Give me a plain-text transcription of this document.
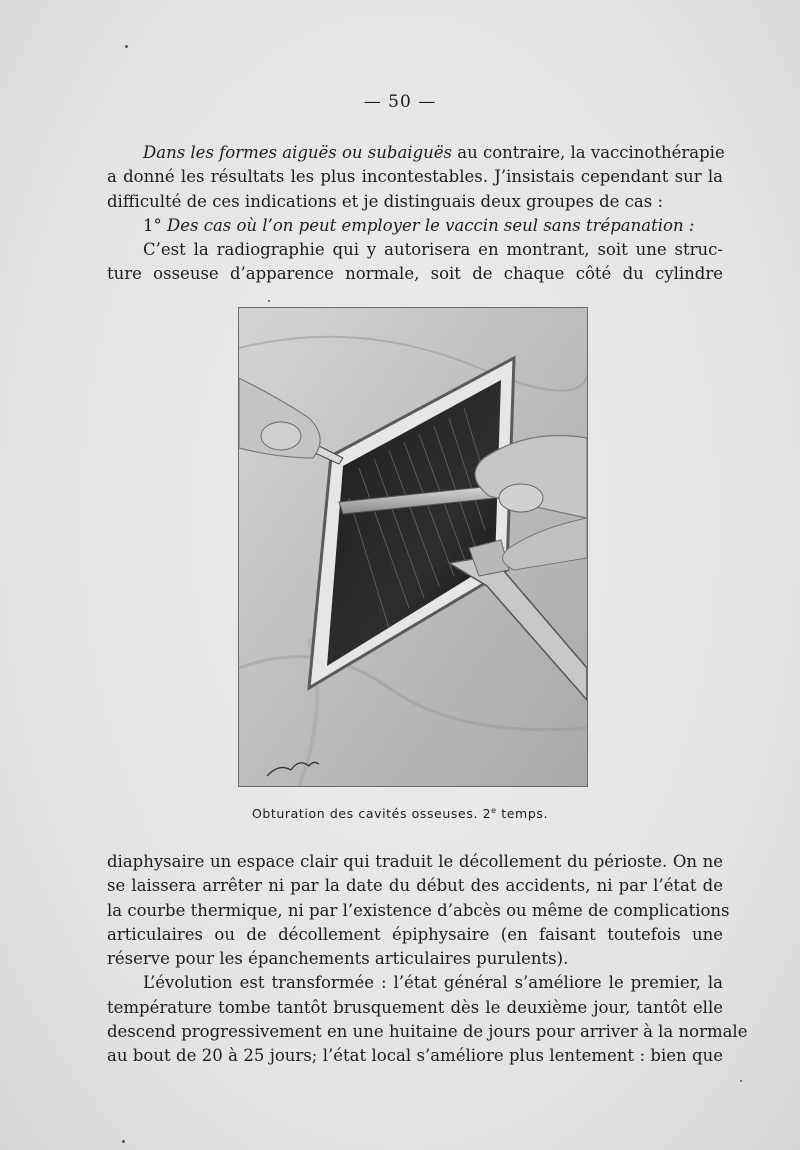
— 50 —
Dans les formes aiguës ou subaiguës au contraire, la vaccinothérapie
a donné les résultats les plus incontestables. J’insistais cependant sur la
difficulté de ces indications et je distinguais deux groupes de cas :
1° Des cas où l’on peut employer le vaccin seul sans trépanation :
C’est la radiographie qui y autorisera en montrant, soit une struc-
ture osseuse d’apparence normale, soit de chaque côté du cylindre
Obturation des cavités osseuses. 2e temps.
diaphysaire un espace clair qui traduit le décollement du périoste. On ne
se laissera arrêter ni par la date du début des accidents, ni par l’état de
la courbe thermique, ni par l’existence d’abcès ou même de complications
articulaires ou de décollement épiphysaire (en faisant toutefois une
réserve pour les épanchements articulaires purulents).
L’évolution est transformée : l’état général s’améliore le premier, la
température tombe tantôt brusquement dès le deuxième jour, tantôt elle
descend progressivement en une huitaine de jours pour arriver à la normale
au bout de 20 à 25 jours; l’état local s’améliore plus lentement : bien que
